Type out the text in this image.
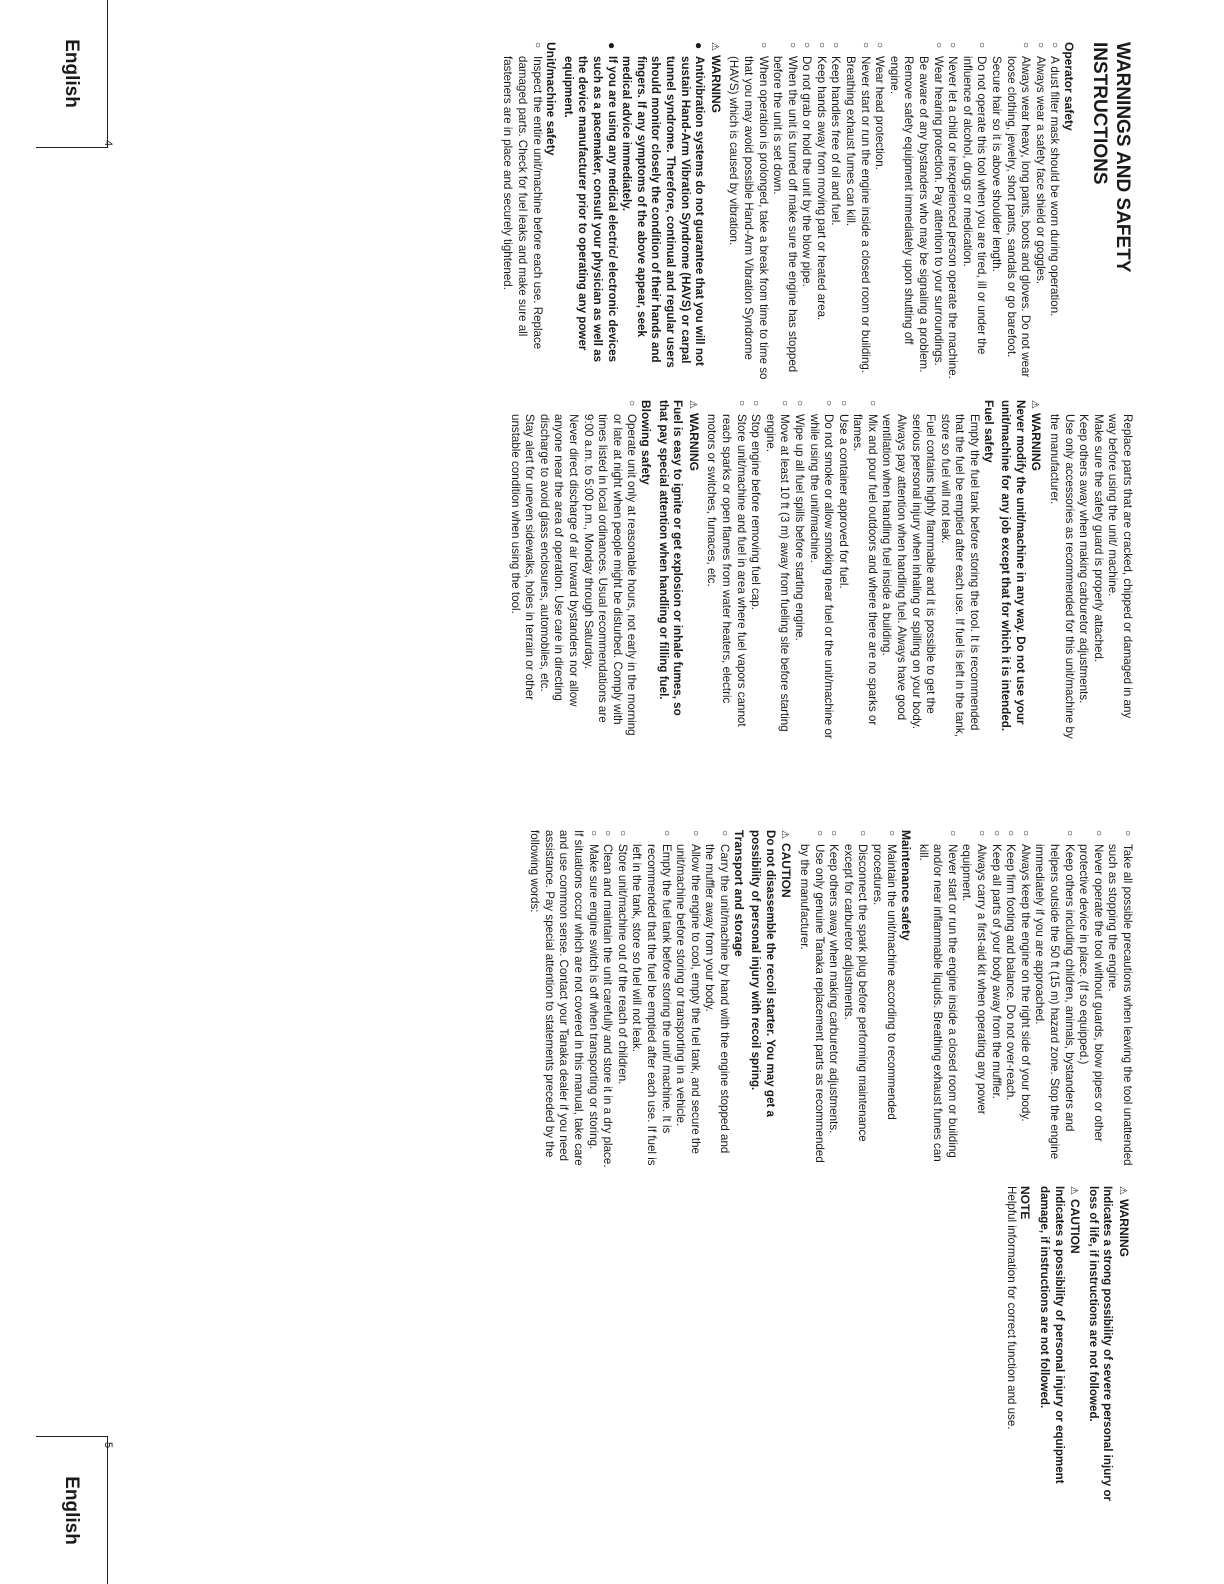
English
English
4
5
WARNINGS AND SAFETY INSTRUCTIONS
Operator safety
○ A dust filter mask should be worn during operation.
○ Always wear a safety face shield or goggles.
○ Always wear heavy, long pants, boots and gloves. Do not wear loose clothing, jewelry, short pants, sandals or go barefoot. Secure hair so it is above shoulder length.
○ Do not operate this tool when you are tired, ill or under the influence of alcohol, drugs or medication.
○ Never let a child or inexperienced person operate the machine.
○ Wear hearing protection. Pay attention to your surroundings. Be aware of any bystanders who may be signaling a problem. Remove safety equipment immediately upon shutting off engine.
○ Wear head protection.
○ Never start or run the engine inside a closed room or building. Breathing exhaust fumes can kill.
○ Keep handles free of oil and fuel.
○ Keep hands away from moving part or heated area.
○ Do not grab or hold the unit by the blow pipe.
○ When the unit is turned off make sure the engine has stopped before the unit is set down.
○ When operation is prolonged, take a break from time to time so that you may avoid possible Hand-Arm Vibration Syndrome (HAVS) which is caused by vibration.
⚠WARNING
● Antivibration systems do not guarantee that you will not sustain Hand-Arm Vibration Syndrome (HAVS) or carpal tunnel syndrome. Therefore, continual and regular users should monitor closely the condition of their hands and fingers. If any symptoms of the above appear, seek medical advice immediately.
● If you are using any medical electric/ electronic devices such as a pacemaker, consult your physician as well as the device manufacturer prior to operating any power equipment.
Unit/machine safety
○ Inspect the entire unit/machine before each use. Replace damaged parts. Check for fuel leaks and make sure all fasteners are in place and securely tightened.
Replace parts that are cracked, chipped or damaged in any way before using the unit/ machine.
Make sure the safety guard is properly attached.
Keep others away when making carburetor adjustments.
Use only accessories as recommended for this unit/machine by the manufacturer.
⚠WARNING

Never modify the unit/machine in any way. Do not use your unit/machine for any job except that for which it is intended.

Fuel safety
Empty the fuel tank before storing the tool. It is recommended that the fuel be emptied after each use. If fuel is left in the tank, store so fuel will not leak.
Fuel contains highly flammable and it is possible to get the serious personal injury when inhaling or spilling on your body. Always pay attention when handling fuel. Always have good ventilation when handling fuel inside a building.
○ Mix and pour fuel outdoors and where there are no sparks or flames.
○ Use a container approved for fuel.
○ Do not smoke or allow smoking near fuel or the unit/machine or while using the unit/machine.
○ Wipe up all fuel spills before starting engine.
○ Move at least 10 ft (3 m) away from fueling site before starting engine.
○ Stop engine before removing fuel cap.
○ Store unit/machine and fuel in area where fuel vapors cannot reach sparks or open flames from water heaters, electric motors or switches, furnaces, etc.
⚠WARNING

Fuel is easy to ignite or get explosion or inhale fumes, so that pay special attention when handling or filling fuel.

Blowing safety
○ Operate unit only at reasonable hours, not early in the morning or late at night when people might be disturbed. Comply with times listed in local ordinances. Usual recommendations are 9:00 a.m. to 5:00 p.m., Monday through Saturday.
Never direct discharge of air toward bystanders nor allow anyone near the area of operation. Use care in directing discharge to avoid glass enclosures, automobiles, etc.
Stay alert for uneven sidewalks, holes in terrain or other unstable condition when using the tool.
○ Take all possible precautions when leaving the tool unattended such as stopping the engine.
○ Never operate the tool without guards, blow pipes or other protective device in place. (If so equipped.)
○ Keep others including children, animals, bystanders and helpers outside the 50 ft (15 m) hazard zone. Stop the engine immediately if you are approached.
○ Always keep the engine on the right side of your body.
○ Keep firm footing and balance. Do not over-reach.
○ Keep all parts of your body away from the muffler.
○ Always carry a first-aid kit when operating any power equipment.
○ Never start or run the engine inside a closed room or building and/or near inflammable liquids. Breathing exhaust fumes can kill.
Maintenance safety
○ Maintain the unit/machine according to recommended procedures.
○ Disconnect the spark plug before performing maintenance except for carburetor adjustments.
○ Keep others away when making carburetor adjustments.
○ Use only genuine Tanaka replacement parts as recommended by the manufacturer.
⚠CAUTION

Do not disassemble the recoil starter. You may get a possibility of personal injury with recoil spring.

Transport and storage
○ Carry the unit/machine by hand with the engine stopped and the muffler away from your body.
○ Allow the engine to cool, empty the fuel tank, and secure the unit/machine before storing or transporting in a vehicle.
○ Empty the fuel tank before storing the unit/ machine. It is recommended that the fuel be emptied after each use. If fuel is left in the tank, store so fuel will not leak.
○ Store unit/machine out of the reach of children.
○ Clean and maintain the unit carefully and store it in a dry place.
○ Make sure engine switch is off when transporting or storing.

If situations occur which are not covered in this manual, take care and use common sense. Contact your Tanaka dealer if you need assistance. Pay special attention to statements preceded by the following words:

⚠WARNING

Indicates a strong possibility of severe personal injury or loss of life, if instructions are not followed.

⚠CAUTION

Indicates a possibility of personal injury or equipment damage, if instructions are not followed.

NOTE

Helpful information for correct function and use.
